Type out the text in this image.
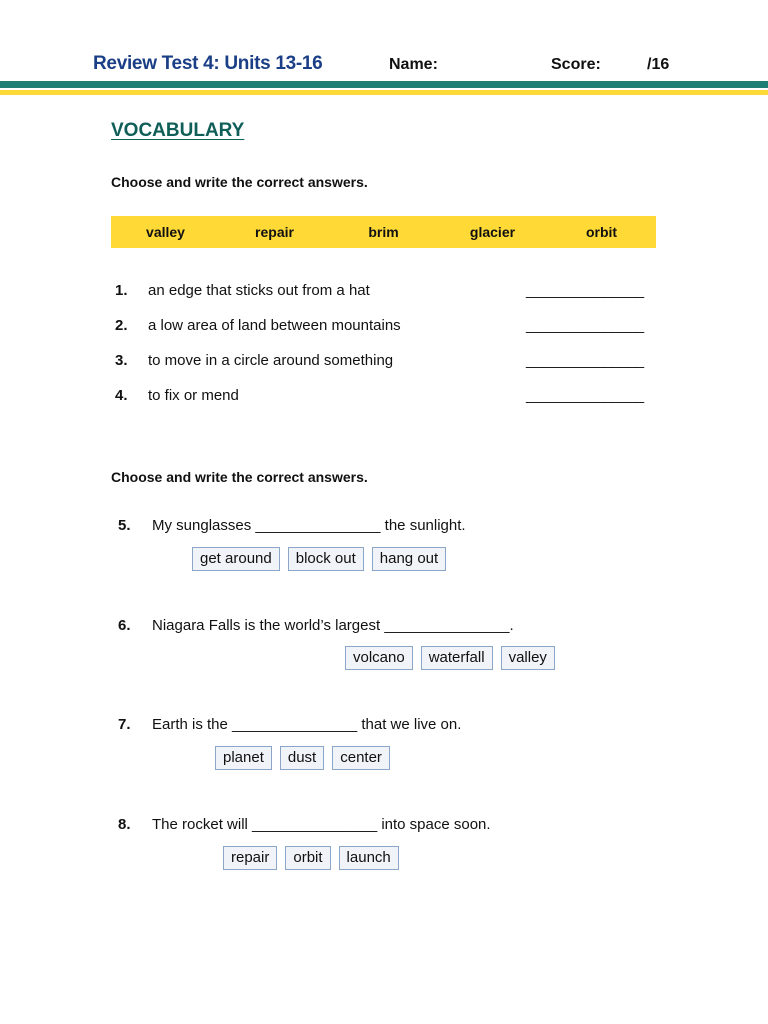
Review Test 4: Units 13-16	Name:	Score:	/16
VOCABULARY
Choose and write the correct answers.
valley	repair	brim	glacier	orbit
1. an edge that sticks out from a hat	_______________
2. a low area of land between mountains	_______________
3. to move in a circle around something	_______________
4. to fix or mend	_______________
Choose and write the correct answers.
5. My sunglasses _______________ the sunlight.
get around	block out	hang out
6. Niagara Falls is the world’s largest _______________.
volcano	waterfall	valley
7. Earth is the _______________ that we live on.
planet	dust	center
8. The rocket will _______________ into space soon.
repair	orbit	launch
